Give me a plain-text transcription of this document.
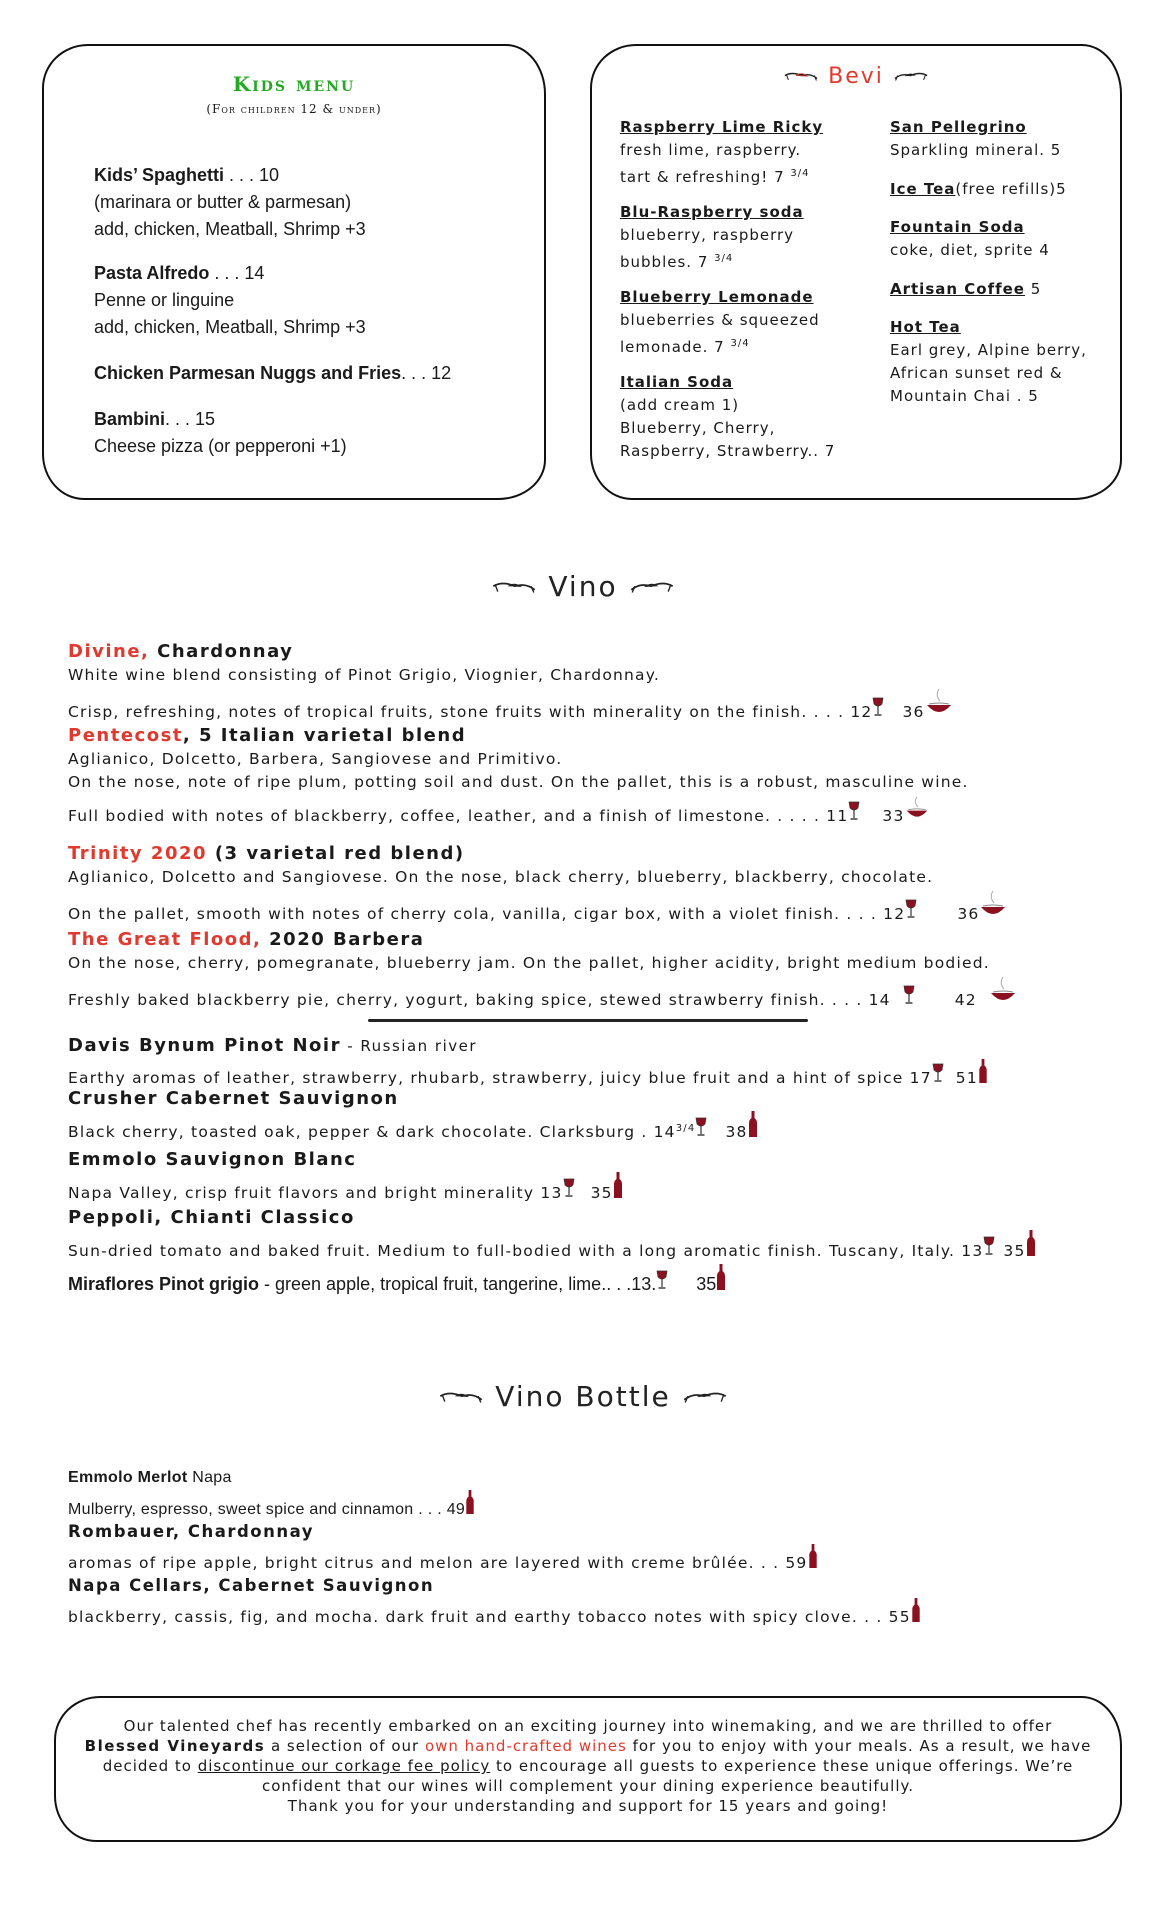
Kids menu
(For children 12 & under)
Kids’ Spaghetti . . . 10
(marinara or butter & parmesan)
add, chicken, Meatball, Shrimp +3
Pasta Alfredo . . . 14
Penne or linguine
add, chicken, Meatball, Shrimp +3
Chicken Parmesan Nuggs and Fries. . . 12
Bambini. . . 15
Cheese pizza (or pepperoni +1)
Bevi
Raspberry Lime Ricky
fresh lime, raspberry.
tart & refreshing! 7 $^{3/4}$
Blu-Raspberry soda
blueberry, raspberry
bubbles. 7 $^{3/4}$
Blueberry Lemonade
blueberries & squeezed
lemonade. 7 $^{3/4}$
Italian Soda
(add cream 1)
Blueberry, Cherry,
Raspberry, Strawberry.. 7
San Pellegrino
Sparkling mineral. 5
Ice Tea(free refills)5
Fountain Soda
coke, diet, sprite 4
Artisan Coffee 5
Hot Tea
Earl grey, Alpine berry,
African sunset red &
Mountain Chai . 5
Vino
Divine, Chardonnay
White wine blend consisting of Pinot Grigio, Viognier, Chardonnay.
Crisp, refreshing, notes of tropical fruits, stone fruits with minerality on the finish. . . . 12 36
Pentecost, 5 Italian varietal blend
Aglianico, Dolcetto, Barbera, Sangiovese and Primitivo.
On the nose, note of ripe plum, potting soil and dust. On the pallet, this is a robust, masculine wine.
Full bodied with notes of blackberry, coffee, leather, and a finish of limestone. . . . . 11 33
Trinity 2020 (3 varietal red blend)
Aglianico, Dolcetto and Sangiovese. On the nose, black cherry, blueberry, blackberry, chocolate.
On the pallet, smooth with notes of cherry cola, vanilla, cigar box, with a violet finish. . . . 12	36
The Great Flood, 2020 Barbera
On the nose, cherry, pomegranate, blueberry jam. On the pallet, higher acidity, bright medium bodied.
Freshly baked blackberry pie, cherry, yogurt, baking spice, stewed strawberry finish. . . . 14	42
Davis Bynum Pinot Noir - Russian river
Earthy aromas of leather, strawberry, rhubarb, strawberry, juicy blue fruit and a hint of spice 17 51
Crusher Cabernet Sauvignon
Black cherry, toasted oak, pepper & dark chocolate. Clarksburg . $14^{3/4}$ 38
Emmolo Sauvignon Blanc
Napa Valley, crisp fruit flavors and bright minerality 13 35
Peppoli, Chianti Classico
Sun-dried tomato and baked fruit. Medium to full-bodied with a long aromatic finish. Tuscany, Italy. 13 35
Miraflores Pinot grigio - green apple, tropical fruit, tangerine, lime.. . .13. 35
Vino Bottle
Emmolo Merlot Napa
Mulberry, espresso, sweet spice and cinnamon . . . 49
Rombauer, Chardonnay
aromas of ripe apple, bright citrus and melon are layered with creme brûlée. . . 59
Napa Cellars, Cabernet Sauvignon
blackberry, cassis, fig, and mocha. dark fruit and earthy tobacco notes with spicy clove. . . 55
Our talented chef has recently embarked on an exciting journey into winemaking, and we are thrilled to offer
Blessed Vineyards a selection of our own hand-crafted wines for you to enjoy with your meals. As a result, we have
decided to discontinue our corkage fee policy to encourage all guests to experience these unique offerings. We’re
confident that our wines will complement your dining experience beautifully.
Thank you for your understanding and support for 15 years and going!
